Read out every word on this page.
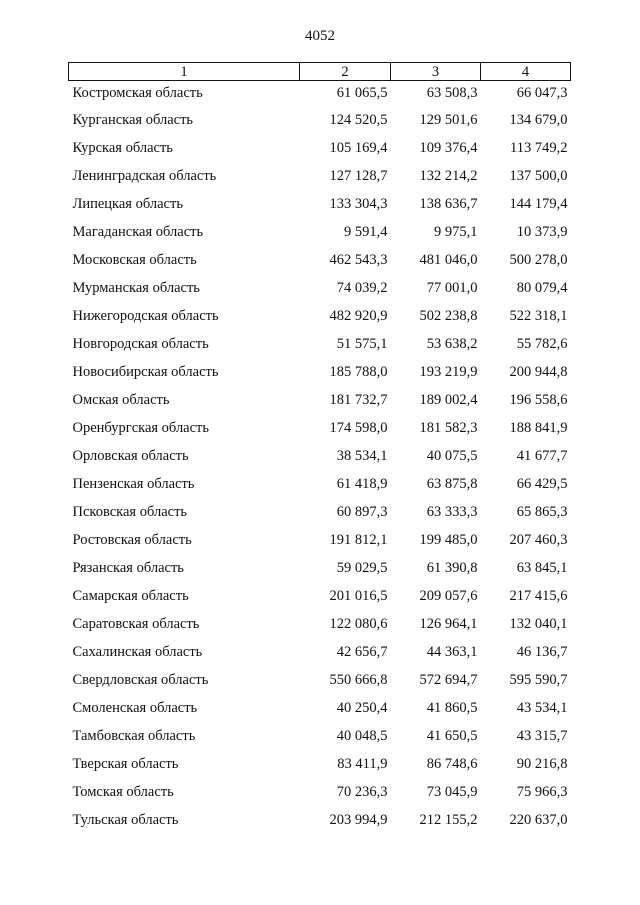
4052
1	2	3	4
Костромская область	61 065,5	63 508,3	66 047,3
Курганская область	124 520,5	129 501,6	134 679,0
Курская область	105 169,4	109 376,4	113 749,2
Ленинградская область	127 128,7	132 214,2	137 500,0
Липецкая область	133 304,3	138 636,7	144 179,4
Магаданская область	9 591,4	9 975,1	10 373,9
Московская область	462 543,3	481 046,0	500 278,0
Мурманская область	74 039,2	77 001,0	80 079,4
Нижегородская область	482 920,9	502 238,8	522 318,1
Новгородская область	51 575,1	53 638,2	55 782,6
Новосибирская область	185 788,0	193 219,9	200 944,8
Омская область	181 732,7	189 002,4	196 558,6
Оренбургская область	174 598,0	181 582,3	188 841,9
Орловская область	38 534,1	40 075,5	41 677,7
Пензенская область	61 418,9	63 875,8	66 429,5
Псковская область	60 897,3	63 333,3	65 865,3
Ростовская область	191 812,1	199 485,0	207 460,3
Рязанская область	59 029,5	61 390,8	63 845,1
Самарская область	201 016,5	209 057,6	217 415,6
Саратовская область	122 080,6	126 964,1	132 040,1
Сахалинская область	42 656,7	44 363,1	46 136,7
Свердловская область	550 666,8	572 694,7	595 590,7
Смоленская область	40 250,4	41 860,5	43 534,1
Тамбовская область	40 048,5	41 650,5	43 315,7
Тверская область	83 411,9	86 748,6	90 216,8
Томская область	70 236,3	73 045,9	75 966,3
Тульская область	203 994,9	212 155,2	220 637,0
